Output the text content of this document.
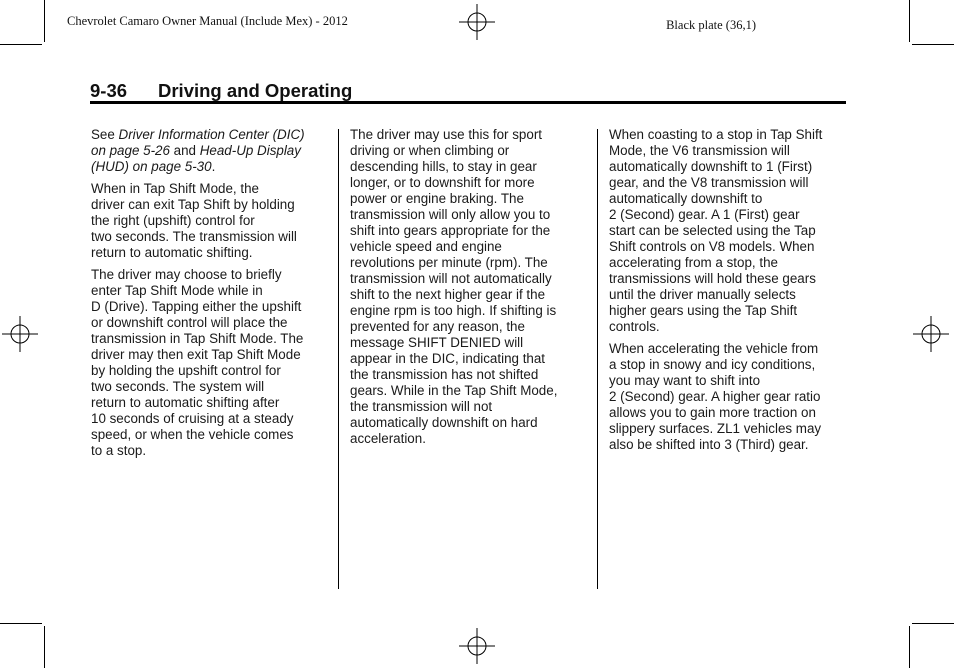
Chevrolet Camaro Owner Manual (Include Mex) - 2012	Black plate (36,1)
9-36 Driving and Operating

See Driver Information Center (DIC)
on page 5-26 and Head-Up Display
(HUD) on page 5-30.

When in Tap Shift Mode, the
driver can exit Tap Shift by holding
the right (upshift) control for
two seconds. The transmission will
return to automatic shifting.

The driver may choose to briefly
enter Tap Shift Mode while in
D (Drive). Tapping either the upshift
or downshift control will place the
transmission in Tap Shift Mode. The
driver may then exit Tap Shift Mode
by holding the upshift control for
two seconds. The system will
return to automatic shifting after
10 seconds of cruising at a steady
speed, or when the vehicle comes
to a stop.

The driver may use this for sport
driving or when climbing or
descending hills, to stay in gear
longer, or to downshift for more
power or engine braking. The
transmission will only allow you to
shift into gears appropriate for the
vehicle speed and engine
revolutions per minute (rpm). The
transmission will not automatically
shift to the next higher gear if the
engine rpm is too high. If shifting is
prevented for any reason, the
message SHIFT DENIED will
appear in the DIC, indicating that
the transmission has not shifted
gears. While in the Tap Shift Mode,
the transmission will not
automatically downshift on hard
acceleration.

When coasting to a stop in Tap Shift
Mode, the V6 transmission will
automatically downshift to 1 (First)
gear, and the V8 transmission will
automatically downshift to
2 (Second) gear. A 1 (First) gear
start can be selected using the Tap
Shift controls on V8 models. When
accelerating from a stop, the
transmissions will hold these gears
until the driver manually selects
higher gears using the Tap Shift
controls.

When accelerating the vehicle from
a stop in snowy and icy conditions,
you may want to shift into
2 (Second) gear. A higher gear ratio
allows you to gain more traction on
slippery surfaces. ZL1 vehicles may
also be shifted into 3 (Third) gear.
